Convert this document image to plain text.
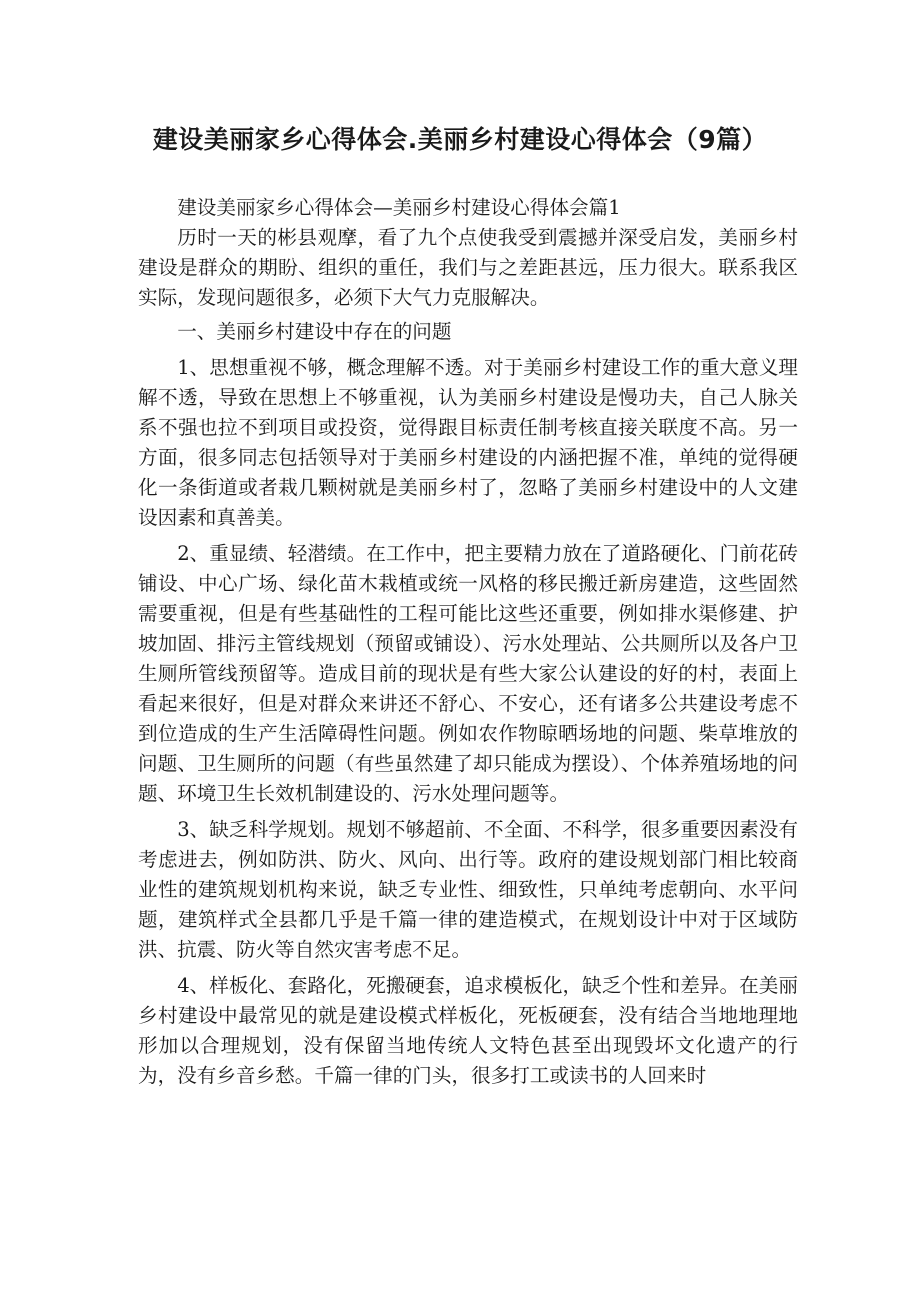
建设美丽家乡心得体会.美丽乡村建设心得体会（9篇）

建设美丽家乡心得体会—美丽乡村建设心得体会篇1

历时一天的彬县观摩，看了九个点使我受到震撼并深受启发，美丽乡村建设是群众的期盼、组织的重任，我们与之差距甚远，压力很大。联系我区实际，发现问题很多，必须下大气力克服解决。

一、美丽乡村建设中存在的问题

1、思想重视不够，概念理解不透。对于美丽乡村建设工作的重大意义理解不透，导致在思想上不够重视，认为美丽乡村建设是慢功夫，自己人脉关系不强也拉不到项目或投资，觉得跟目标责任制考核直接关联度不高。另一方面，很多同志包括领导对于美丽乡村建设的内涵把握不准，单纯的觉得硬化一条街道或者栽几颗树就是美丽乡村了，忽略了美丽乡村建设中的人文建设因素和真善美。

2、重显绩、轻潜绩。在工作中，把主要精力放在了道路硬化、门前花砖铺设、中心广场、绿化苗木栽植或统一风格的移民搬迁新房建造，这些固然需要重视，但是有些基础性的工程可能比这些还重要，例如排水渠修建、护坡加固、排污主管线规划（预留或铺设）、污水处理站、公共厕所以及各户卫生厕所管线预留等。造成目前的现状是有些大家公认建设的好的村，表面上看起来很好，但是对群众来讲还不舒心、不安心，还有诸多公共建设考虑不到位造成的生产生活障碍性问题。例如农作物晾晒场地的问题、柴草堆放的问题、卫生厕所的问题（有些虽然建了却只能成为摆设）、个体养殖场地的问题、环境卫生长效机制建设的、污水处理问题等。

3、缺乏科学规划。规划不够超前、不全面、不科学，很多重要因素没有考虑进去，例如防洪、防火、风向、出行等。政府的建设规划部门相比较商业性的建筑规划机构来说，缺乏专业性、细致性，只单纯考虑朝向、水平问题，建筑样式全县都几乎是千篇一律的建造模式，在规划设计中对于区域防洪、抗震、防火等自然灾害考虑不足。

4、样板化、套路化，死搬硬套，追求模板化，缺乏个性和差异。在美丽乡村建设中最常见的就是建设模式样板化，死板硬套，没有结合当地地理地形加以合理规划，没有保留当地传统人文特色甚至出现毁坏文化遗产的行为，没有乡音乡愁。千篇一律的门头，很多打工或读书的人回来时
